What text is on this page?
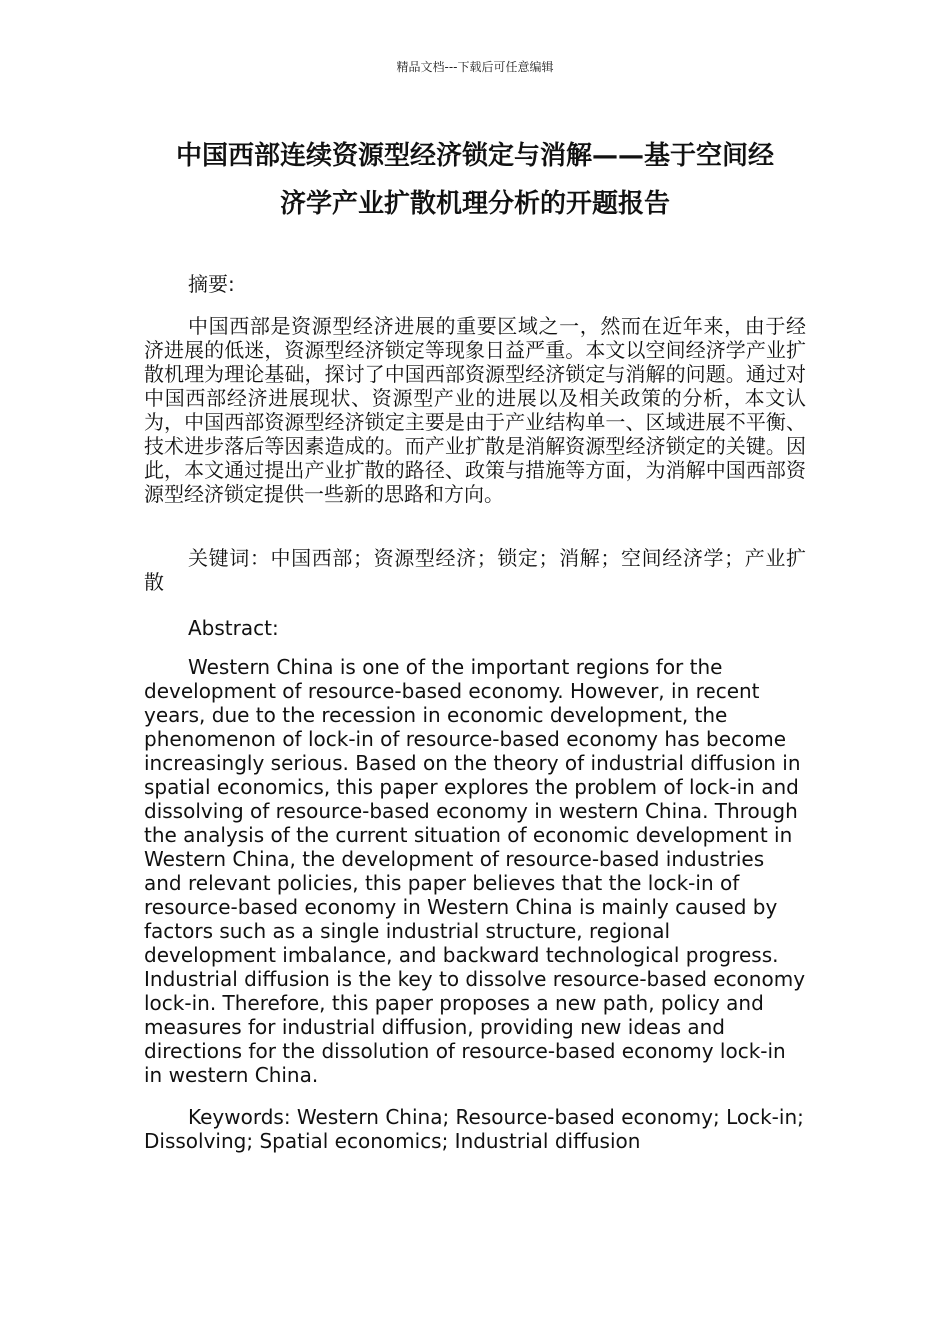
精品文档---下载后可任意编辑
中国西部连续资源型经济锁定与消解——基于空间经
济学产业扩散机理分析的开题报告

摘要:

中国西部是资源型经济进展的重要区域之一，然而在近年来，由于经济进展的低迷，资源型经济锁定等现象日益严重。本文以空间经济学产业扩散机理为理论基础，探讨了中国西部资源型经济锁定与消解的问题。通过对中国西部经济进展现状、资源型产业的进展以及相关政策的分析，本文认为，中国西部资源型经济锁定主要是由于产业结构单一、区域进展不平衡、技术进步落后等因素造成的。而产业扩散是消解资源型经济锁定的关键。因此，本文通过提出产业扩散的路径、政策与措施等方面，为消解中国西部资源型经济锁定提供一些新的思路和方向。

关键词：中国西部；资源型经济；锁定；消解；空间经济学；产业扩散

Abstract:

Western China is one of the important regions for the development of resource-based economy. However, in recent years, due to the recession in economic development, the phenomenon of lock-in of resource-based economy has become increasingly serious. Based on the theory of industrial diffusion in spatial economics, this paper explores the problem of lock-in and dissolving of resource-based economy in western China. Through the analysis of the current situation of economic development in Western China, the development of resource-based industries and relevant policies, this paper believes that the lock-in of resource-based economy in Western China is mainly caused by factors such as a single industrial structure, regional development imbalance, and backward technological progress. Industrial diffusion is the key to dissolve resource-based economy lock-in. Therefore, this paper proposes a new path, policy and measures for industrial diffusion, providing new ideas and directions for the dissolution of resource-based economy lock-in in western China.

Keywords: Western China; Resource-based economy; Lock-in; Dissolving; Spatial economics; Industrial diffusion
